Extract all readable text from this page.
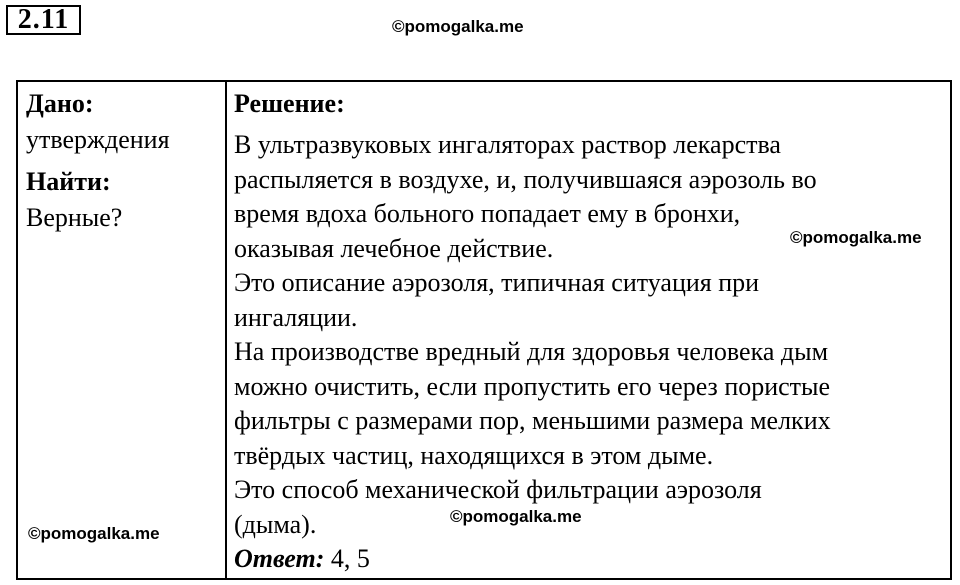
2.11	©pomogalka.me
Дано:
утверждения
Найти:
Верные?
Решение:
В ультразвуковых ингаляторах раствор лекарства
распыляется в воздухе, и, получившаяся аэрозоль во
время вдоха больного попадает ему в бронхи,
оказывая лечебное действие.
Это описание аэрозоля, типичная ситуация при
ингаляции.
На производстве вредный для здоровья человека дым
можно очистить, если пропустить его через пористые
фильтры с размерами пор, меньшими размера мелких
твёрдых частиц, находящихся в этом дыме.
Это способ механической фильтрации аэрозоля
(дыма).
Ответ: 4, 5
©pomogalka.me
©pomogalka.me
©pomogalka.me
